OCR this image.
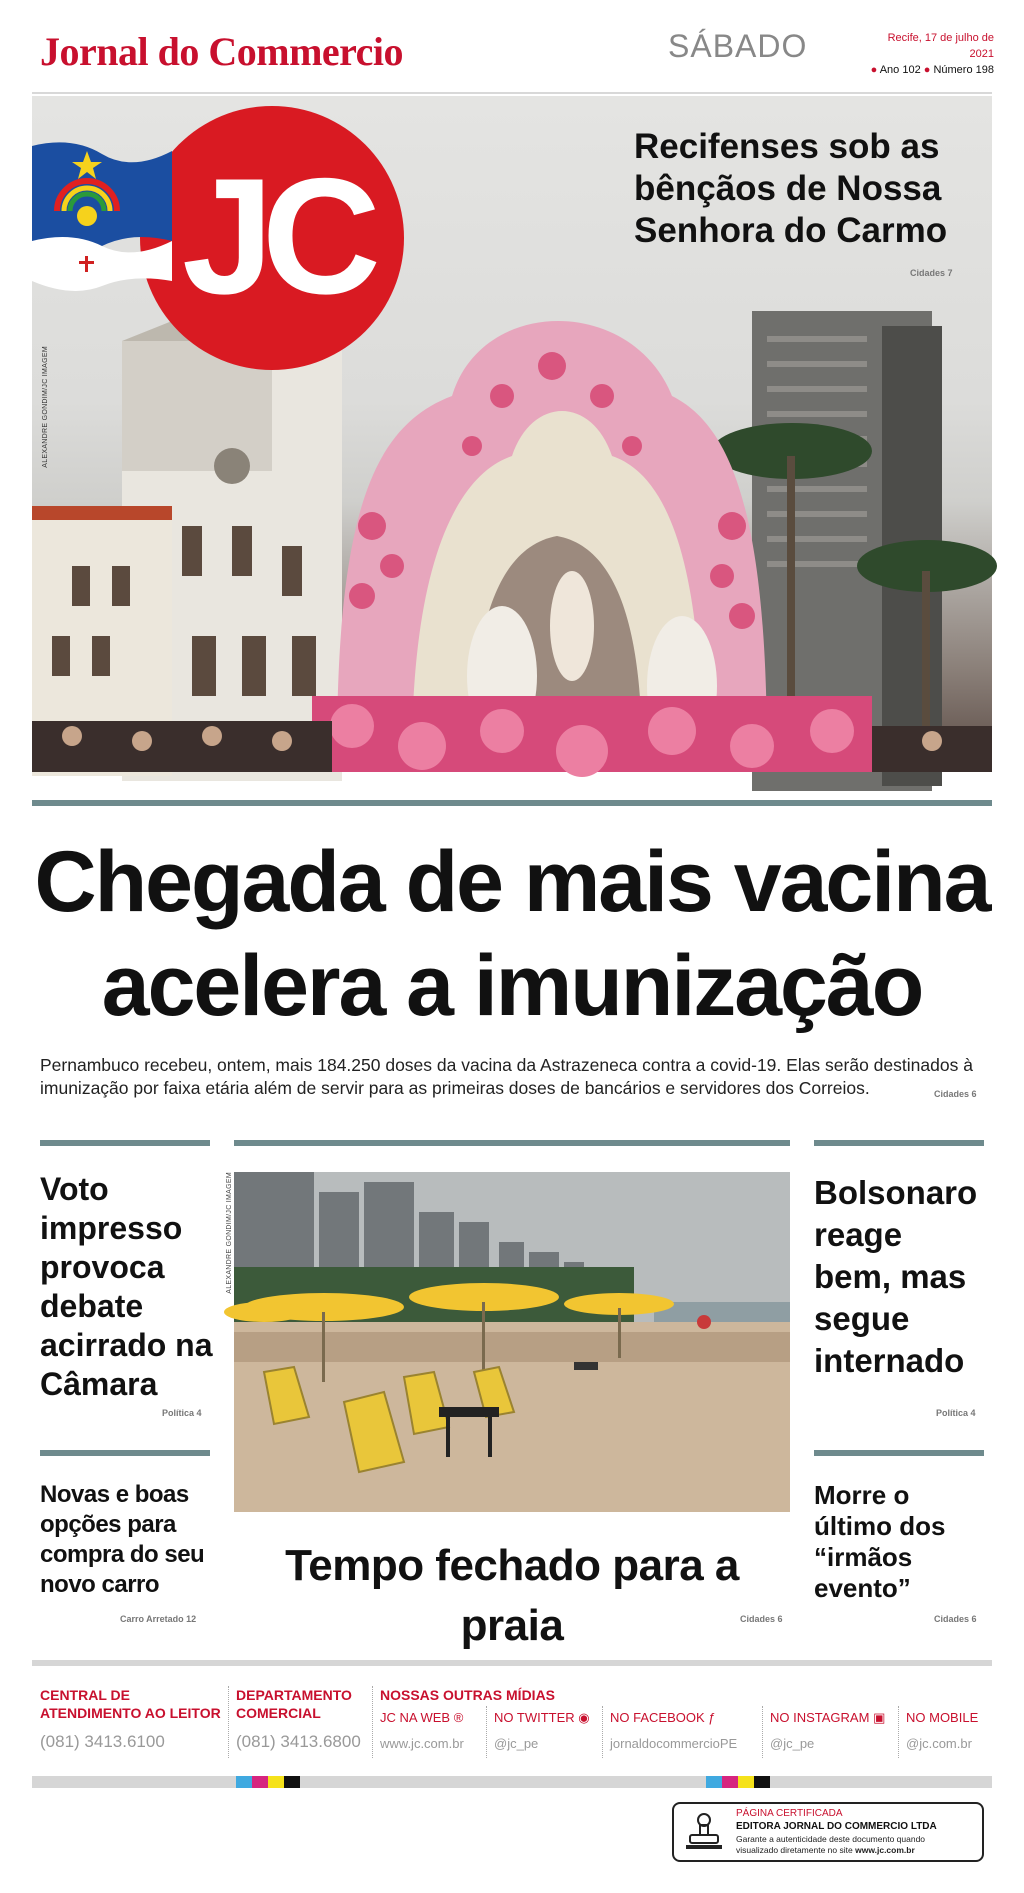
Jornal do Commercio	SÁBADO	Recife, 17 de julho de 2021
● Ano 102 ● Número 198
JC
ALEXANDRE GONDIM/JC IMAGEM
Recifenses sob as
bênçãos de Nossa
Senhora do Carmo
Cidades 7
Chegada de mais vacina
acelera a imunização
Pernambuco recebeu, ontem, mais 184.250 doses da vacina da Astrazeneca contra a covid-19. Elas serão destinados à
imunização por faixa etária além de servir para as primeiras doses de bancários e servidores dos Correios.	Cidades 6
Voto
impresso
provoca
debate
acirrado na
Câmara
Política 4
Novas e boas
opções para
compra do seu
novo carro
Carro Arretado 12
ALEXANDRE GONDIM/JC IMAGEM
Tempo fechado para a praia	Cidades 6
Bolsonaro
reage
bem, mas
segue
internado
Política 4
Morre o
último dos
“irmãos
evento”
Cidades 6
CENTRAL DE
ATENDIMENTO AO LEITOR
(081) 3413.6100
DEPARTAMENTO
COMERCIAL
(081) 3413.6800
NOSSAS OUTRAS MÍDIAS
JC NA WEB ®
www.jc.com.br
NO TWITTER ◉
@jc_pe
NO FACEBOOK ƒ
jornaldocommercioPE
NO INSTAGRAM ▣
@jc_pe
NO MOBILE
@jc.com.br
PÁGINA CERTIFICADA
EDITORA JORNAL DO COMMERCIO LTDA
Garante a autenticidade deste documento quando
visualizado diretamente no site www.jc.com.br
